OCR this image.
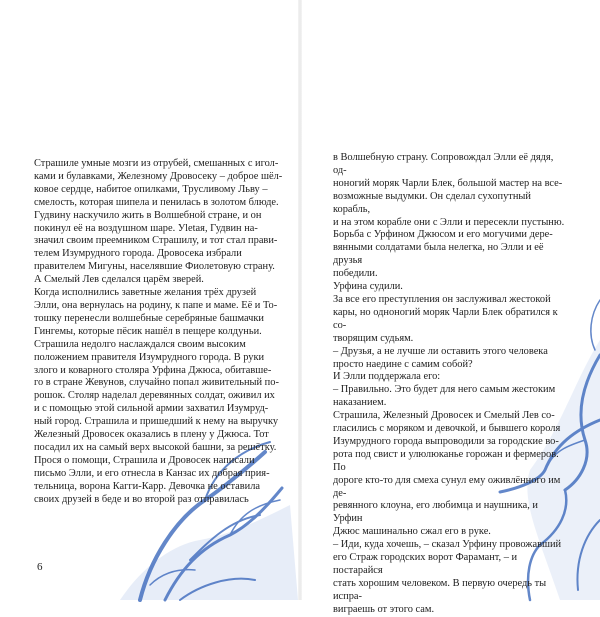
Страшиле умные мозги из отрубей, смешанных с игол-

ками и булавками, Железному Дровосеку – доброе шёл-

ковое сердце, набитое опилками, Трусливому Льву –

смелость, которая шипела и пенилась в золотом блюде.

Гудвину наскучило жить в Волшебной стране, и он

покинул её на воздушном шаре. Уletая, Гудвин на-

значил своим преемником Страшилу, и тот стал прави-

телем Изумрудного города. Дровосека избрали

правителем Мигуны, населявшие Фиолетовую страну.

А Смелый Лев сделался царём зверей.

Когда исполнились заветные желания трёх друзей

Элли, она вернулась на родину, к папе и маме. Её и То-

тошку перенесли волшебные серебряные башмачки

Гингемы, которые пёсик нашёл в пещере колдуньи.

Страшила недолго наслаждался своим высоким

положением правителя Изумрудного города. В руки

злого и коварного столяра Урфина Джюса, обитавше-

го в стране Жевунов, случайно попал живительный по-

рошок. Столяр наделал деревянных солдат, оживил их

и с помощью этой сильной армии захватил Изумруд-

ный город. Страшила и пришедший к нему на выручку

Железный Дровосек оказались в плену у Джюса. Тот

посадил их на самый верх высокой башни, за решётку.

Прося о помощи, Страшила и Дровосек написали

письмо Элли, и его отнесла в Канзас их добрая прия-

тельница, ворона Кагги-Карр. Девочка не оставила

своих друзей в беде и во второй раз отправилась

в Волшебную страну. Сопровождал Элли её дядя, од-

ноногий моряк Чарли Блек, большой мастер на все-

возможные выдумки. Он сделал сухопутный корабль,

и на этом корабле они с Элли и пересекли пустыню.

Борьба с Урфином Джюсом и его могучими дере-

вянными солдатами была нелегка, но Элли и её друзья

победили.

Урфина судили.

За все его преступления он заслуживал жестокой

кары, но одноногий моряк Чарли Блек обратился к со-

творящим судьям.

– Друзья, а не лучше ли оставить этого человека

просто наедине с самим собой?

И Элли поддержала его:

– Правильно. Это будет для него самым жестоким

наказанием.

Страшила, Железный Дровосек и Смелый Лев со-

гласились с моряком и девочкой, и бывшего короля

Изумрудного города выпроводили за городские во-

рота под свист и улюлюканье горожан и фермеров. По

дороге кто-то для смеха сунул ему оживлённого им де-

ревянного клоуна, его любимца и наушника, и Урфин

Джюс машинально сжал его в руке.

– Иди, куда хочешь, – сказал Урфину провожавший

его Страж городских ворот Фарамант, – и постарайся

стать хорошим человеком. В первую очередь ты испра-

виграешь от этого сам.

6
